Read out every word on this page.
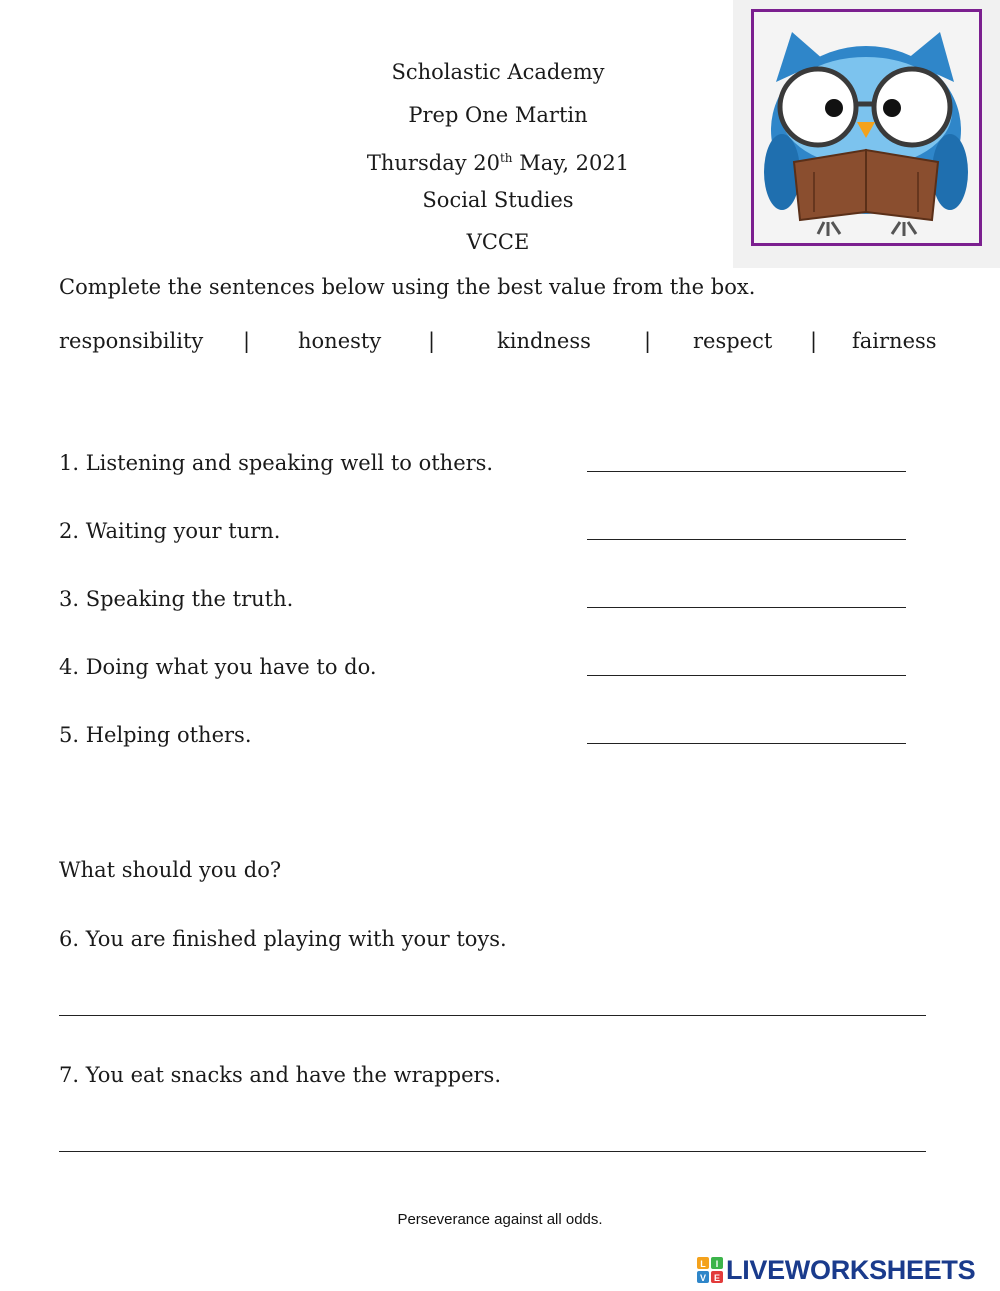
Scholastic Academy
Prep One Martin
Thursday 20th May, 2021
Social Studies
VCCE
Complete the sentences below using the best value from the box.
responsibility | honesty |	kindness	| respect | fairness
1. Listening and speaking well to others.
2. Waiting your turn.
3. Speaking the truth.
4. Doing what you have to do.
5. Helping others.
What should you do?
6. You are finished playing with your toys.
7. You eat snacks and have the wrappers.
Perseverance against all odds.
L I
V E LIVEWORKSHEETS
